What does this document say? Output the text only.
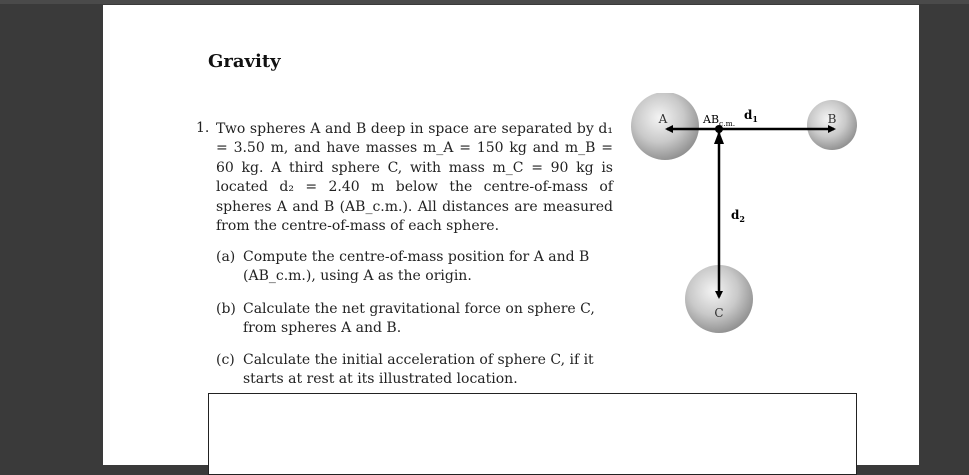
Gravity
1. Two spheres A and B deep in space are separated by d₁ = 3.50 m, and have masses m_A = 150 kg and m_B = 60 kg. A third sphere C, with mass m_C = 90 kg is located d₂ = 2.40 m below the centre-of-mass of spheres A and B (AB_c.m.). All distances are measured from the centre-of-mass of each sphere.

(a) Compute the centre-of-mass position for A and B (AB_c.m.), using A as the origin.

(b) Calculate the net gravitational force on sphere C, from spheres A and B.

(c) Calculate the initial acceleration of sphere C, if it starts at rest at its illustrated location.

A	B
C
$AB_{c.m.}$
$d_1$
$d_2$
